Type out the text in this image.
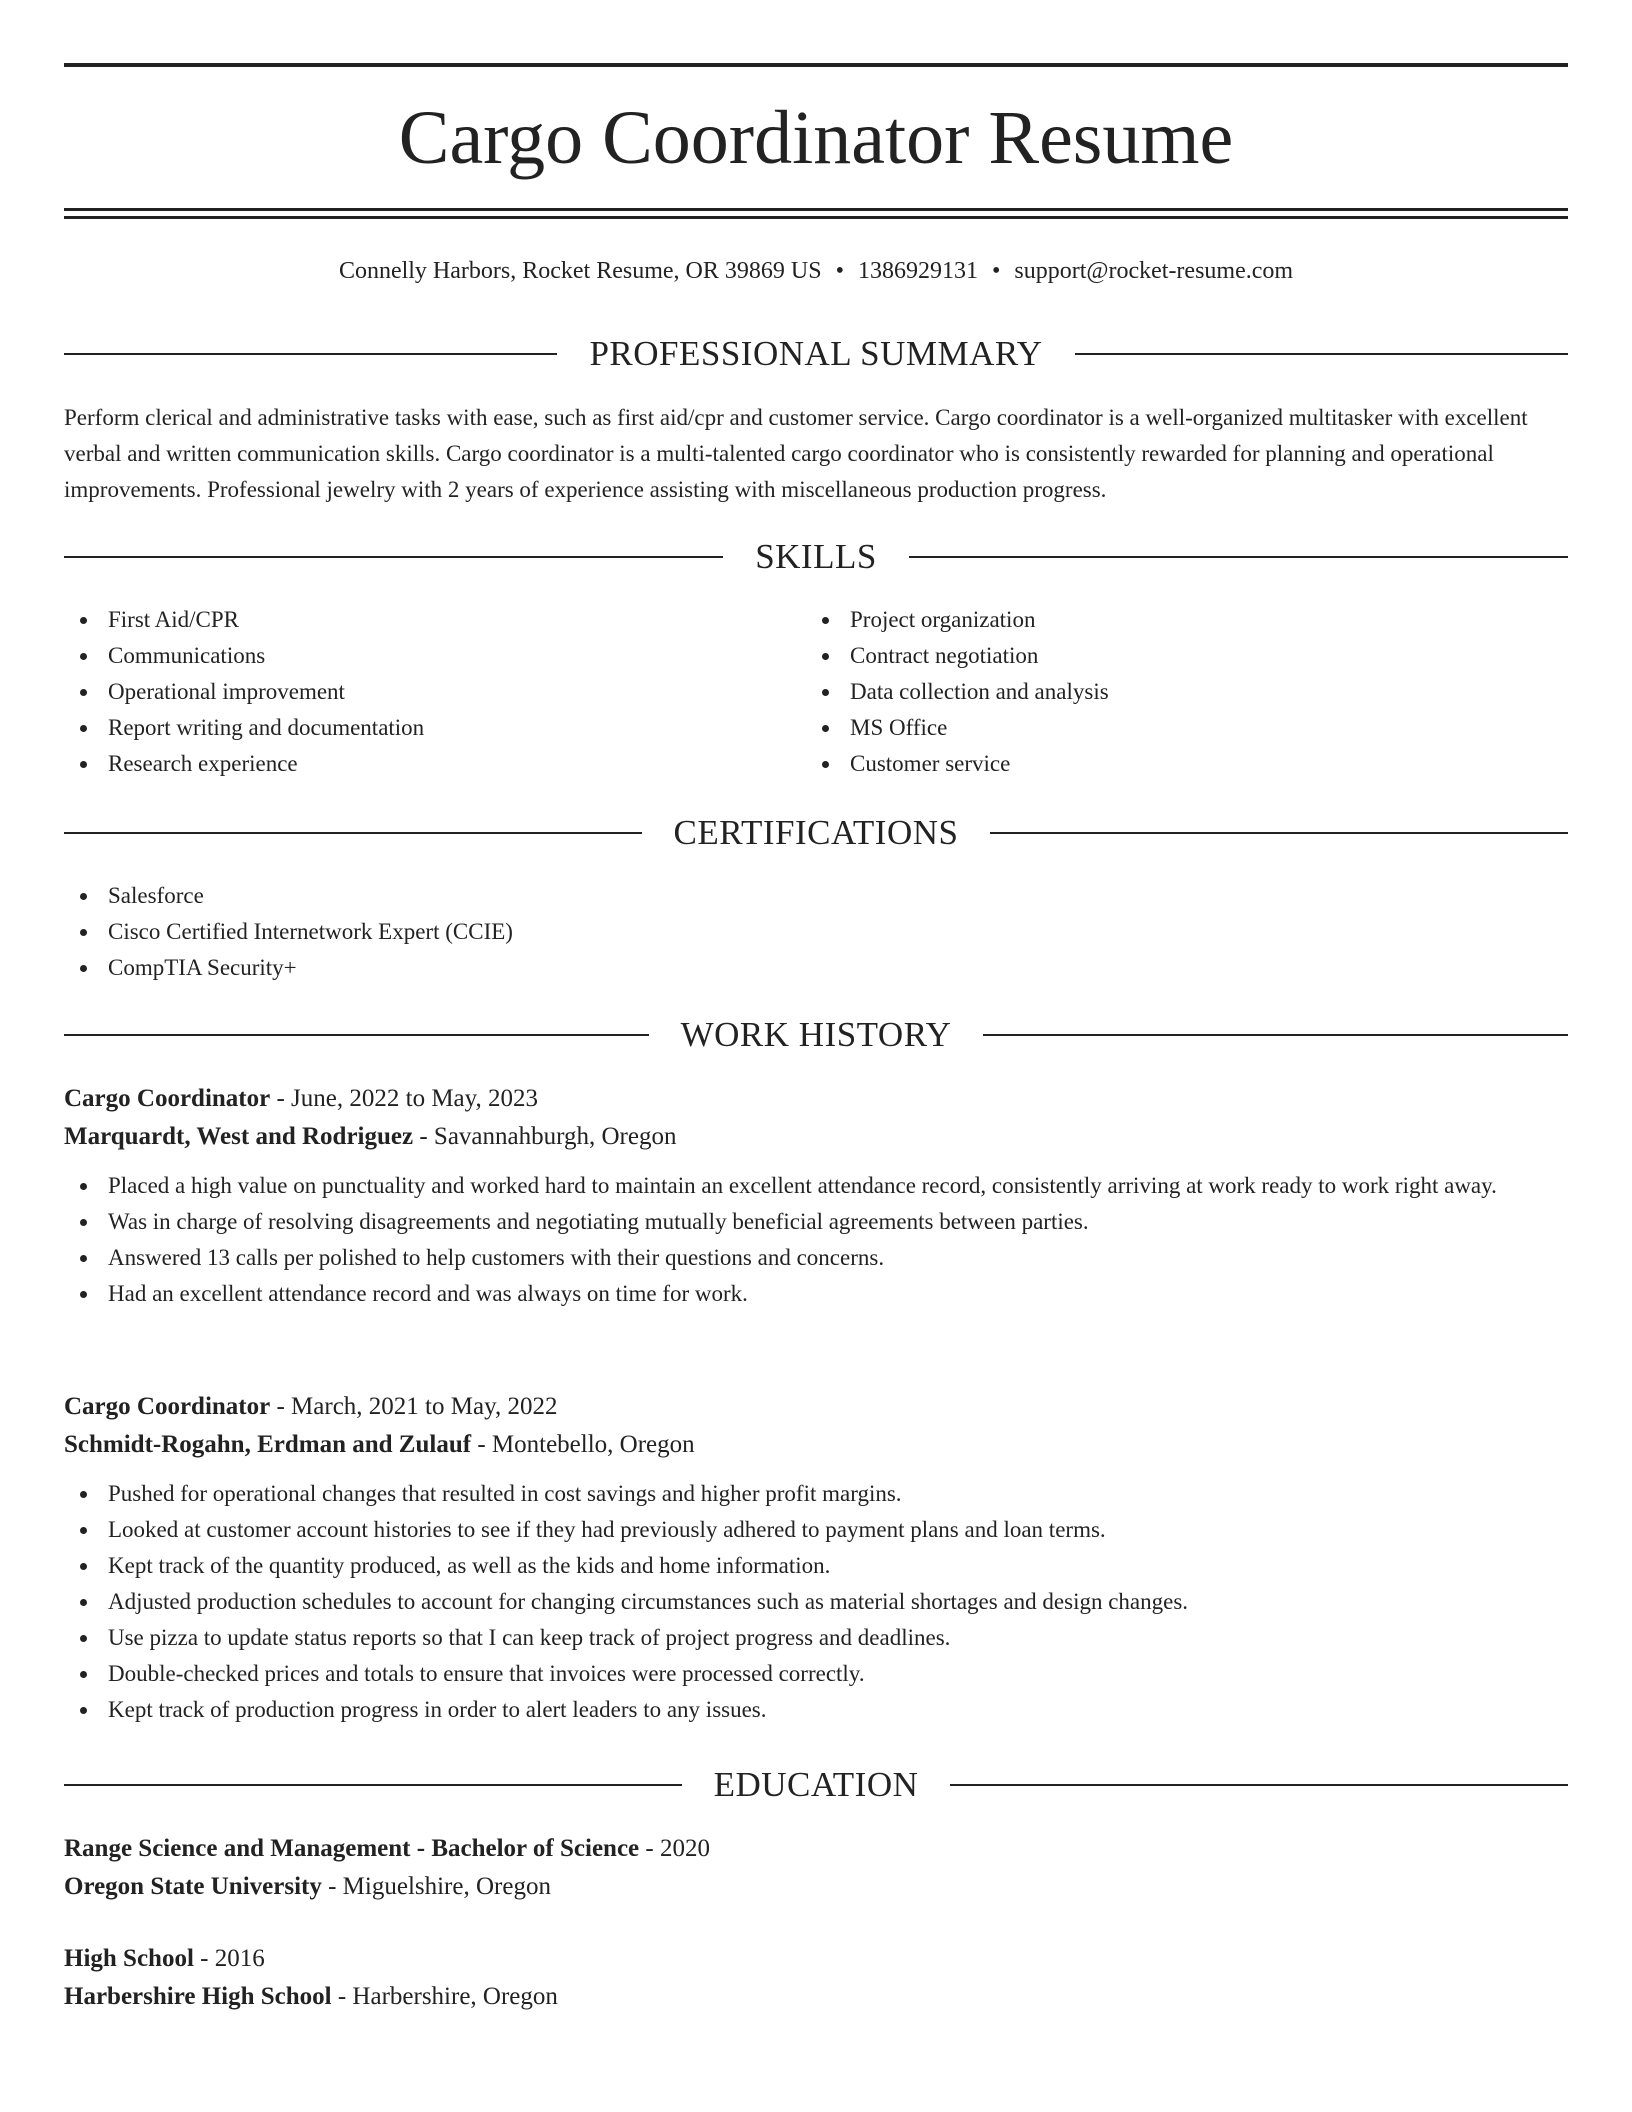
Cargo Coordinator Resume
Connelly Harbors, Rocket Resume, OR 39869 US • 1386929131 • support@rocket-resume.com
PROFESSIONAL SUMMARY

Perform clerical and administrative tasks with ease, such as first aid/cpr and customer service. Cargo coordinator is a well-organized multitasker with excellent verbal and written communication skills. Cargo coordinator is a multi-talented cargo coordinator who is consistently rewarded for planning and operational improvements. Professional jewelry with 2 years of experience assisting with miscellaneous production progress.

SKILLS
First Aid/CPR
Communications
Operational improvement
Report writing and documentation
Research experience
Project organization
Contract negotiation
Data collection and analysis
MS Office
Customer service
CERTIFICATIONS
Salesforce
Cisco Certified Internetwork Expert (CCIE)
CompTIA Security+
WORK HISTORY
Cargo Coordinator - June, 2022 to May, 2023
Marquardt, West and Rodriguez - Savannahburgh, Oregon
Placed a high value on punctuality and worked hard to maintain an excellent attendance record, consistently arriving at work ready to work right away.
Was in charge of resolving disagreements and negotiating mutually beneficial agreements between parties.
Answered 13 calls per polished to help customers with their questions and concerns.
Had an excellent attendance record and was always on time for work.
Cargo Coordinator - March, 2021 to May, 2022
Schmidt-Rogahn, Erdman and Zulauf - Montebello, Oregon
Pushed for operational changes that resulted in cost savings and higher profit margins.
Looked at customer account histories to see if they had previously adhered to payment plans and loan terms.
Kept track of the quantity produced, as well as the kids and home information.
Adjusted production schedules to account for changing circumstances such as material shortages and design changes.
Use pizza to update status reports so that I can keep track of project progress and deadlines.
Double-checked prices and totals to ensure that invoices were processed correctly.
Kept track of production progress in order to alert leaders to any issues.
EDUCATION
Range Science and Management - Bachelor of Science - 2020
Oregon State University - Miguelshire, Oregon
High School - 2016
Harbershire High School - Harbershire, Oregon
